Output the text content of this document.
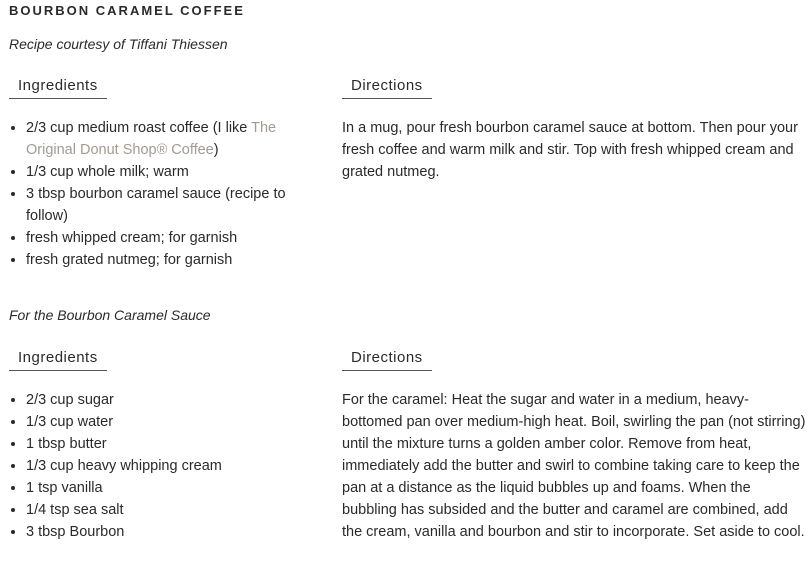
BOURBON CARAMEL COFFEE
Recipe courtesy of Tiffani Thiessen
Ingredients	Directions
• 2/3 cup medium roast coffee (I like The Original Donut Shop® Coffee)
• 1/3 cup whole milk; warm
• 3 tbsp bourbon caramel sauce (recipe to follow)
• fresh whipped cream; for garnish
• fresh grated nutmeg; for garnish

In a mug, pour fresh bourbon caramel sauce at bottom. Then pour your fresh coffee and warm milk and stir. Top with fresh whipped cream and grated nutmeg.

For the Bourbon Caramel Sauce
Ingredients	Directions
• 2/3 cup sugar
• 1/3 cup water
• 1 tbsp butter
• 1/3 cup heavy whipping cream
• 1 tsp vanilla
• 1/4 tsp sea salt
• 3 tbsp Bourbon

For the caramel: Heat the sugar and water in a medium, heavy-bottomed pan over medium-high heat. Boil, swirling the pan (not stirring) until the mixture turns a golden amber color. Remove from heat, immediately add the butter and swirl to combine taking care to keep the pan at a distance as the liquid bubbles up and foams. When the bubbling has subsided and the butter and caramel are combined, add the cream, vanilla and bourbon and stir to incorporate. Set aside to cool.
